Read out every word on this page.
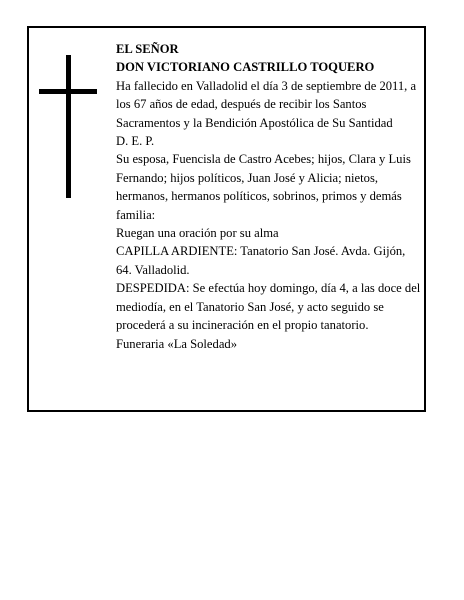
EL SEÑOR

DON VICTORIANO CASTRILLO TOQUERO

Ha fallecido en Valladolid el día 3 de septiembre de 2011, a los 67 años de edad, después de recibir los Santos Sacramentos y la Bendición Apostólica de Su Santidad

D. E. P.

Su esposa, Fuencisla de Castro Acebes; hijos, Clara y Luis Fernando; hijos políticos, Juan José y Alicia; nietos, hermanos, hermanos políticos, sobrinos, primos y demás familia:

Ruegan una oración por su alma

CAPILLA ARDIENTE: Tanatorio San José. Avda. Gijón, 64. Valladolid.

DESPEDIDA: Se efectúa hoy domingo, día 4, a las doce del mediodía, en el Tanatorio San José, y acto seguido se procederá a su incineración en el propio tanatorio.

Funeraria «La Soledad»
